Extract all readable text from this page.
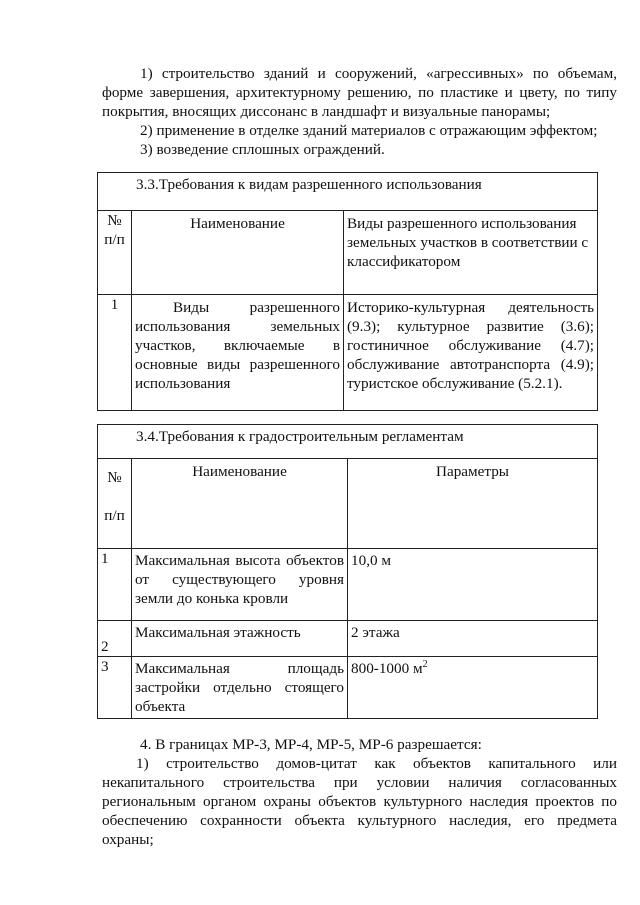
1) строительство зданий и сооружений, «агрессивных» по объемам, форме завершения, архитектурному решению, по пластике и цвету, по типу покрытия, вносящих диссонанс в ландшафт и визуальные панорамы;
2) применение в отделке зданий материалов с отражающим эффектом;
3) возведение сплошных ограждений.
3.3.Требования к видам разрешенного использования		

№
п/п	Наименование	Виды разрешенного использования земельных участков в соответствии с классификатором
1	Виды разрешенного использования земельных участков, включаемые в основные виды разрешенного использования	Историко-культурная деятельность (9.3); культурное развитие (3.6); гостиничное обслуживание (4.7); обслуживание автотранспорта (4.9); туристское обслуживание (5.2.1).
3.4.Требования к градостроительным регламентам		

№
п/п	Наименование	Параметры
1	Максимальная высота объектов от существующего уровня земли до конька кровли	10,0 м
2	Максимальная этажность	2 этажа
3	Максимальная площадь застройки отдельно стоящего объекта	800-1000 $м^2$
4. В границах МР-3, МР-4, МР-5, МР-6 разрешается:
1) строительство домов-цитат как объектов капитального или некапитального строительства при условии наличия согласованных региональным органом охраны объектов культурного наследия проектов по обеспечению сохранности объекта культурного наследия, его предмета охраны;
